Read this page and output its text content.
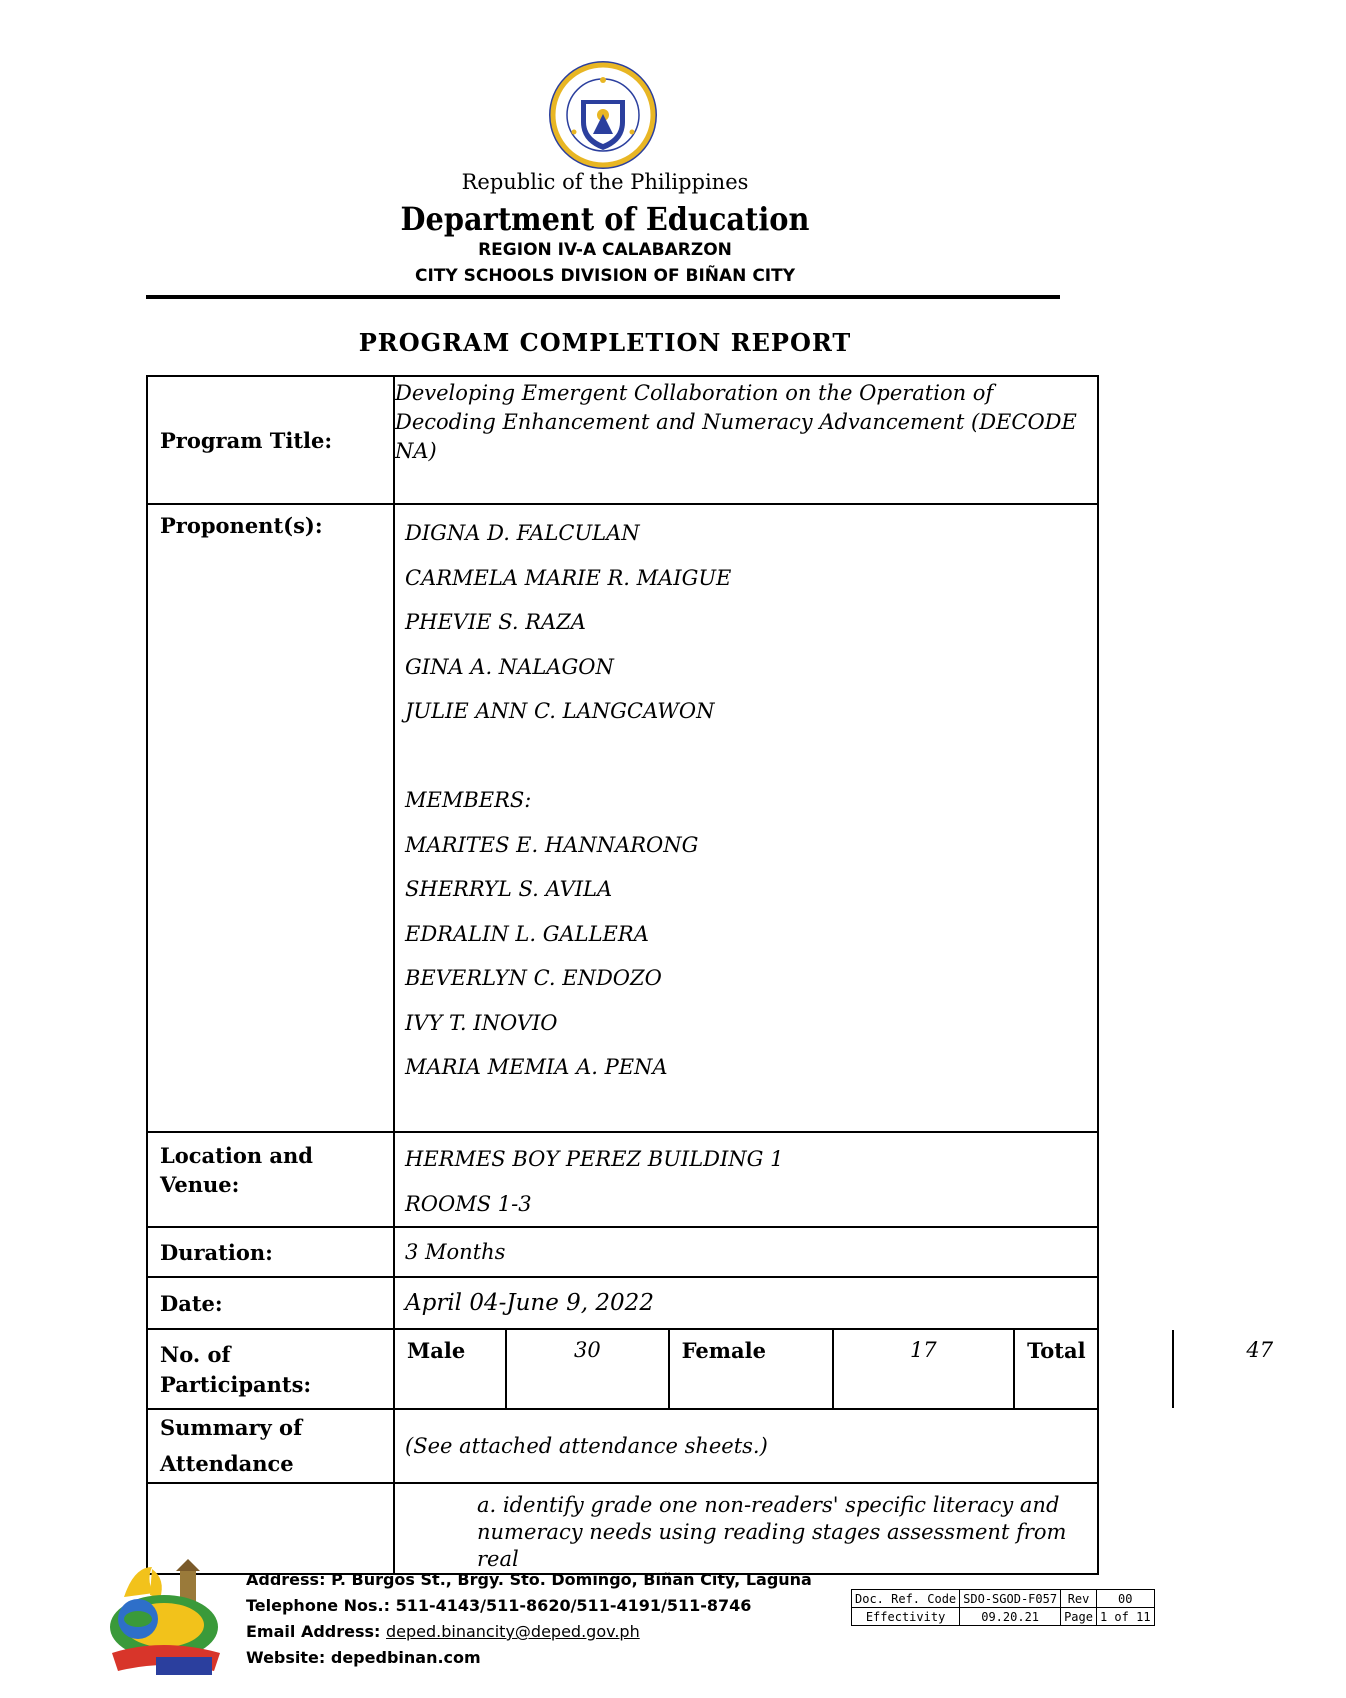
Republic of the Philippines
Department of Education
REGION IV-A CALABARZON
CITY SCHOOLS DIVISION OF BIÑAN CITY
PROGRAM COMPLETION REPORT
Program Title:	
Developing Emergent Collaboration on the Operation of
Decoding Enhancement and Numeracy Advancement (DECODE
NA)

Proponent(s):	DIGNA D. FALCULAN
CARMELA MARIE R. MAIGUE
PHEVIE S. RAZA
GINA A. NALAGON
JULIE ANN C. LANGCAWON

MEMBERS:
MARITES E. HANNARONG
SHERRYL S. AVILA
EDRALIN L. GALLERA
BEVERLYN C. ENDOZO
IVY T. INOVIO
MARIA MEMIA A. PENA

Location and
Venue:

HERMES BOY PEREZ BUILDING 1
ROOMS 1-3

Duration:	3 Months
Date:	April 04-June 9, 2022

No. of
Participants:

Male	30	Female	17	Total	47

Summary of
Attendance
	(See attached attendance sheets.)

a. identify grade one non-readers' specific literacy and
numeracy needs using reading stages assessment from real
Address: P. Burgos St., Brgy. Sto. Domingo, Biñan City, Laguna
Telephone Nos.: 511-4143/511-8620/511-4191/511-8746
Email Address: deped.binancity@deped.gov.ph
Website: depedbinan.com
Doc. Ref. Code	SDO-SGOD-F057	Rev	00
Effectivity	09.20.21	Page	1 of 11
